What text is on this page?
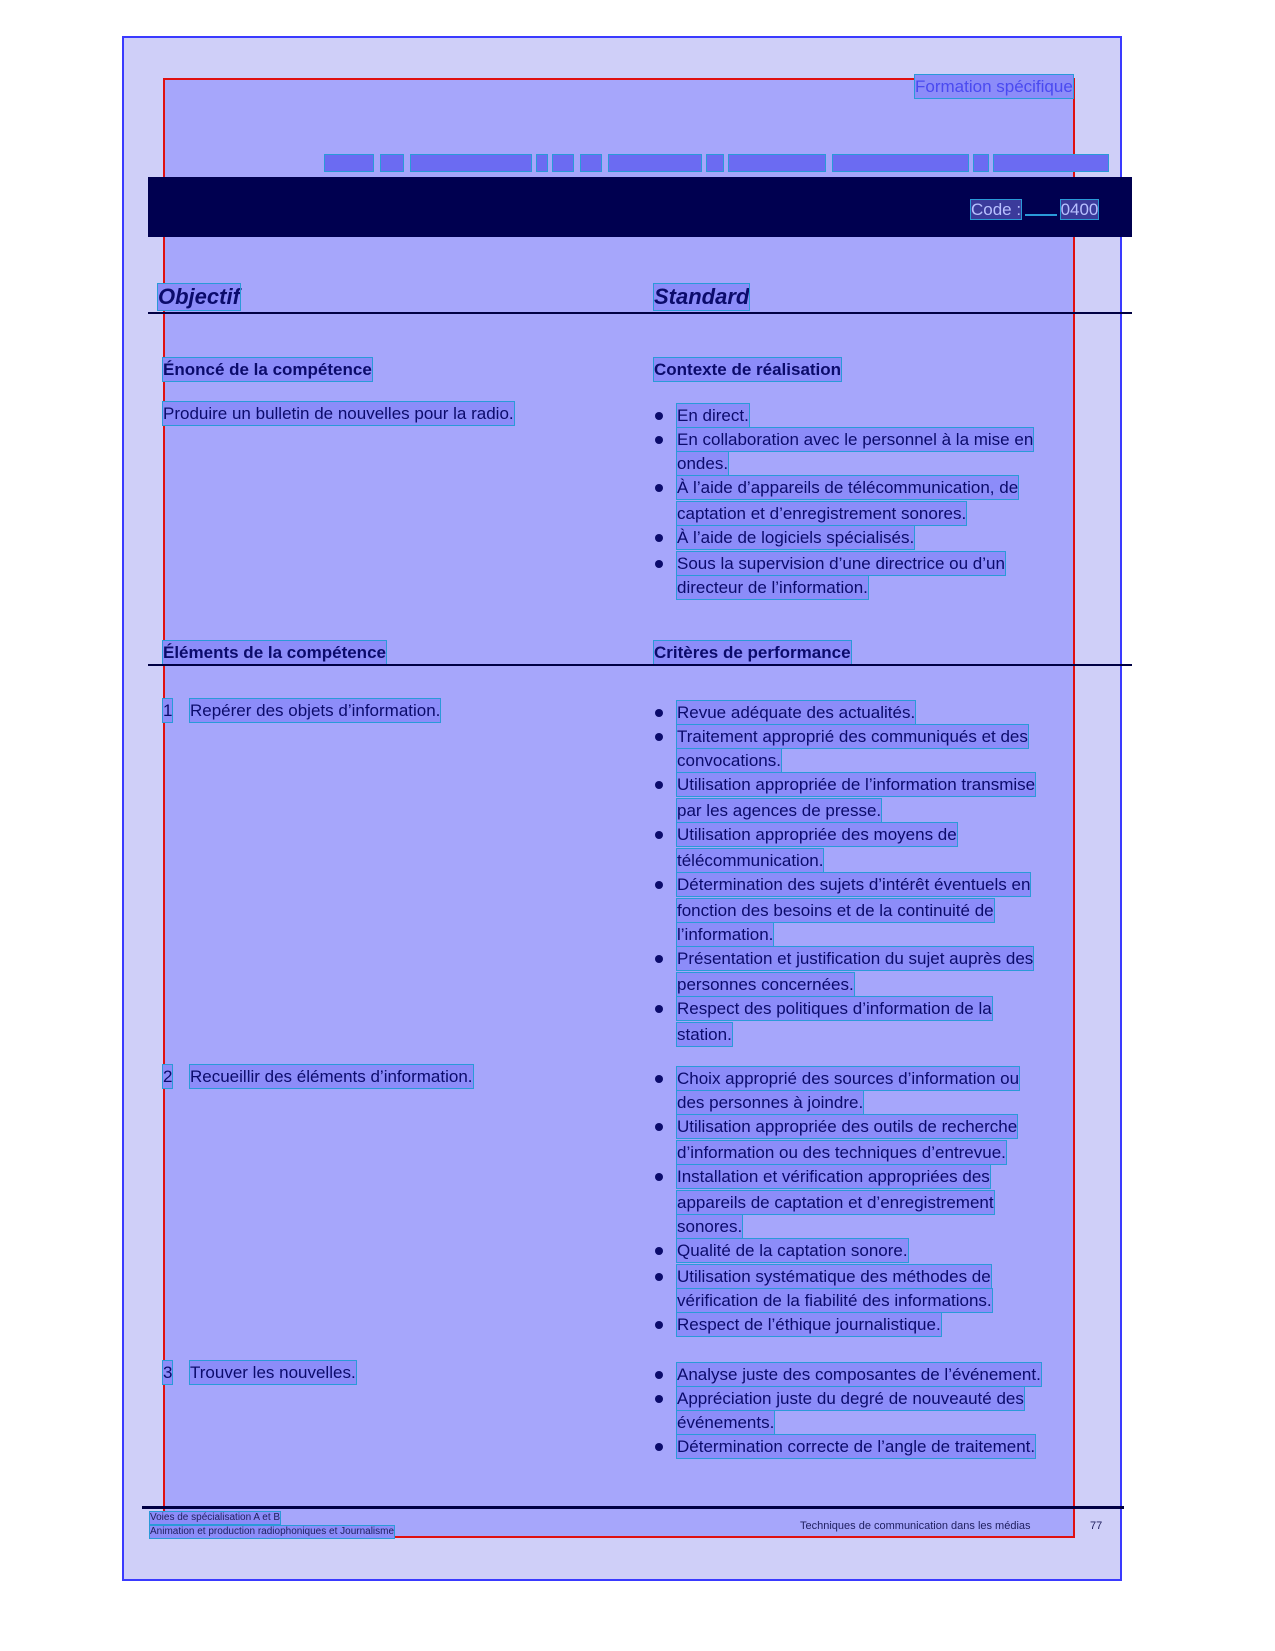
Formation spécifique
Code : 0400
Objectif	Standard
Énoncé de la compétence	Contexte de réalisation
Produire un bulletin de nouvelles pour la radio.	En direct.
En collaboration avec le personnel à la mise en
ondes.
À l’aide d’appareils de télécommunication, de
captation et d’enregistrement sonores.
À l’aide de logiciels spécialisés.
Sous la supervision d’une directrice ou d’un
directeur de l’information.
Éléments de la compétence	Critères de performance
1 Repérer des objets d’information.	Revue adéquate des actualités.
Traitement approprié des communiqués et des
convocations.
Utilisation appropriée de l’information transmise
par les agences de presse.
Utilisation appropriée des moyens de
télécommunication.
Détermination des sujets d’intérêt éventuels en
fonction des besoins et de la continuité de
l’information.
Présentation et justification du sujet auprès des
personnes concernées.
Respect des politiques d’information de la
station.
2 Recueillir des éléments d’information.	Choix approprié des sources d’information ou
des personnes à joindre.
Utilisation appropriée des outils de recherche
d’information ou des techniques d’entrevue.
Installation et vérification appropriées des
appareils de captation et d’enregistrement
sonores.
Qualité de la captation sonore.
Utilisation systématique des méthodes de
vérification de la fiabilité des informations.
Respect de l’éthique journalistique.
3 Trouver les nouvelles.	Analyse juste des composantes de l’événement.
Appréciation juste du degré de nouveauté des
événements.
Détermination correcte de l’angle de traitement.
Voies de spécialisation A et B
Animation et production radiophoniques et Journalisme	Techniques de communication dans les médias	77
